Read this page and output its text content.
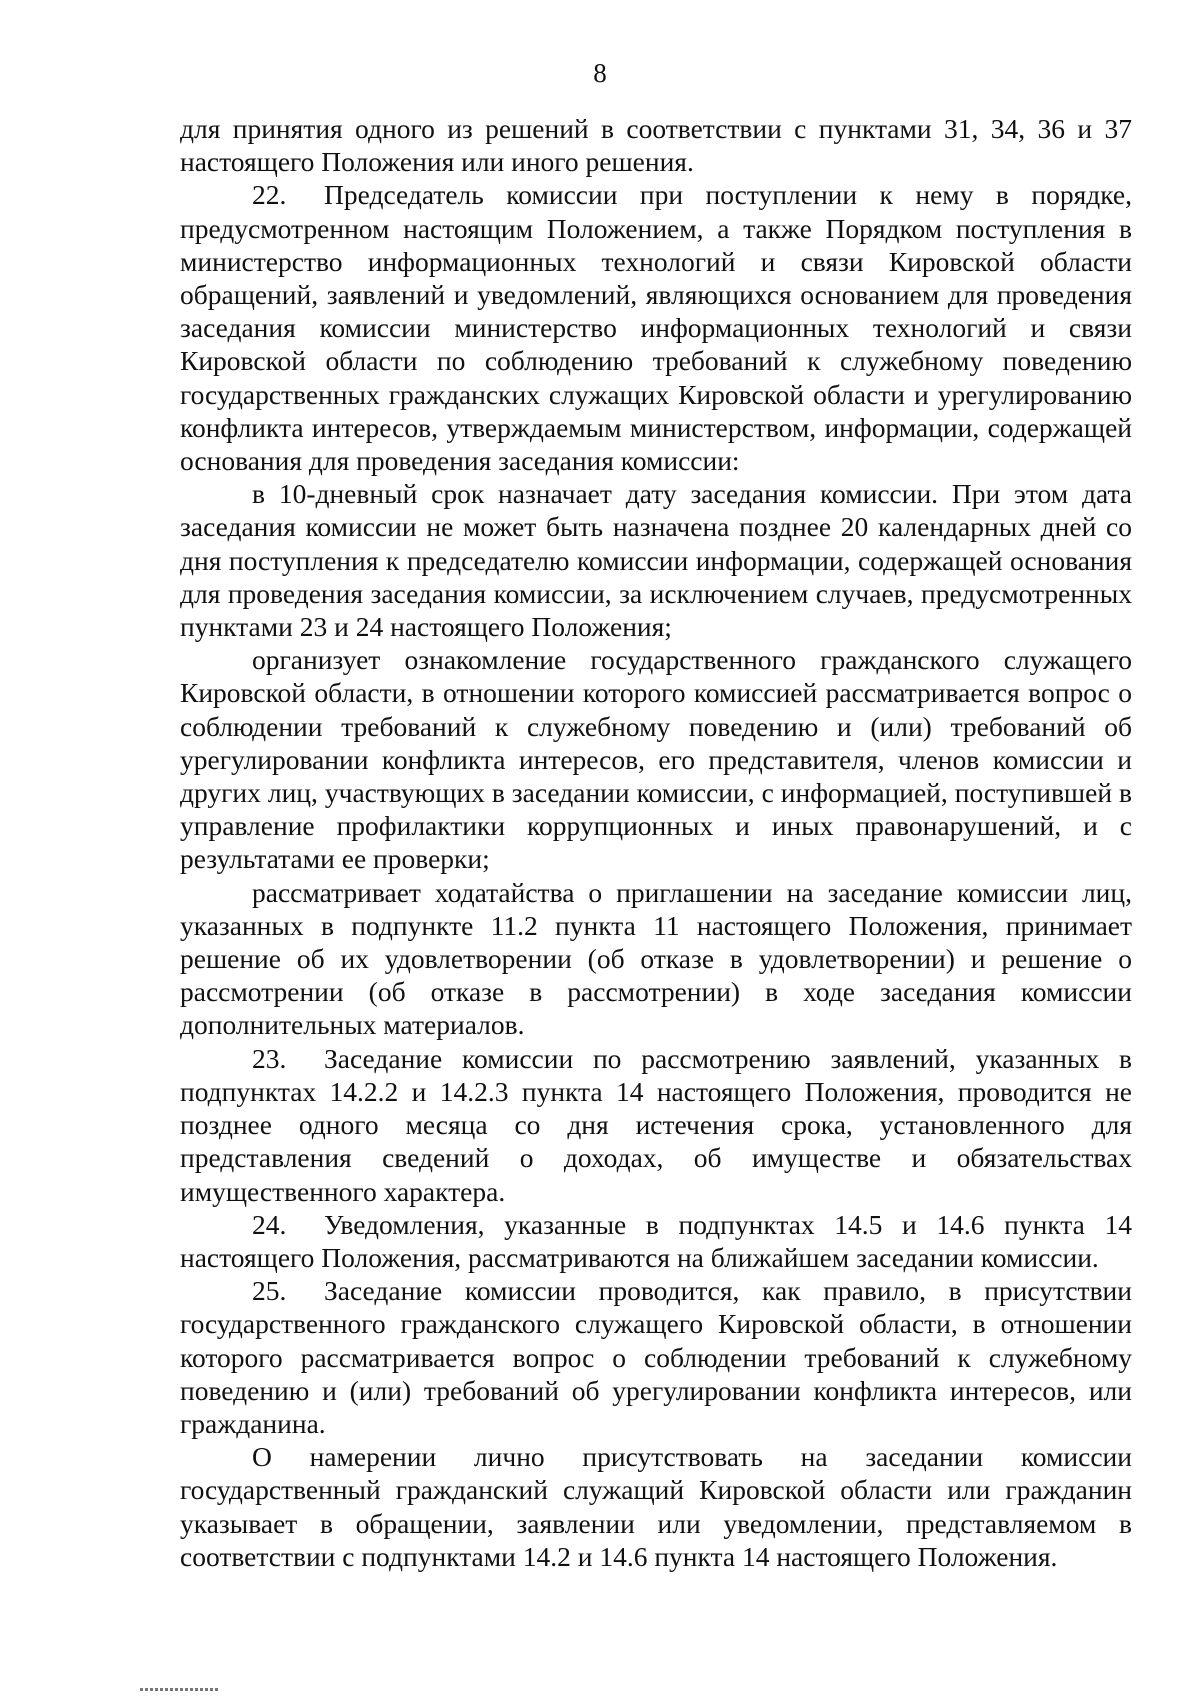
8

для принятия одного из решений в соответствии с пунктами 31, 34, 36 и 37 настоящего Положения или иного решения.

22. Председатель комиссии при поступлении к нему в порядке, предусмотренном настоящим Положением, а также Порядком поступления в министерство информационных технологий и связи Кировской области обращений, заявлений и уведомлений, являющихся основанием для проведения заседания комиссии министерство информационных технологий и связи Кировской области по соблюдению требований к служебному поведению государственных гражданских служащих Кировской области и урегулированию конфликта интересов, утверждаемым министерством, информации, содержащей основания для проведения заседания комиссии:

в 10-дневный срок назначает дату заседания комиссии. При этом дата заседания комиссии не может быть назначена позднее 20 календарных дней со дня поступления к председателю комиссии информации, содержащей основания для проведения заседания комиссии, за исключением случаев, предусмотренных пунктами 23 и 24 настоящего Положения;

организует ознакомление государственного гражданского служащего Кировской области, в отношении которого комиссией рассматривается вопрос о соблюдении требований к служебному поведению и (или) требований об урегулировании конфликта интересов, его представителя, членов комиссии и других лиц, участвующих в заседании комиссии, с информацией, поступившей в управление профилактики коррупционных и иных правонарушений, и с результатами ее проверки;

рассматривает ходатайства о приглашении на заседание комиссии лиц, указанных в подпункте 11.2 пункта 11 настоящего Положения, принимает решение об их удовлетворении (об отказе в удовлетворении) и решение о рассмотрении (об отказе в рассмотрении) в ходе заседания комиссии дополнительных материалов.

23. Заседание комиссии по рассмотрению заявлений, указанных в подпунктах 14.2.2 и 14.2.3 пункта 14 настоящего Положения, проводится не позднее одного месяца со дня истечения срока, установленного для представления сведений о доходах, об имуществе и обязательствах имущественного характера.

24. Уведомления, указанные в подпунктах 14.5 и 14.6 пункта 14 настоящего Положения, рассматриваются на ближайшем заседании комиссии.

25. Заседание комиссии проводится, как правило, в присутствии государственного гражданского служащего Кировской области, в отношении которого рассматривается вопрос о соблюдении требований к служебному поведению и (или) требований об урегулировании конфликта интересов, или гражданина.

О намерении лично присутствовать на заседании комиссии государственный гражданский служащий Кировской области или гражданин указывает в обращении, заявлении или уведомлении, представляемом в соответствии с подпунктами 14.2 и 14.6 пункта 14 настоящего Положения.
